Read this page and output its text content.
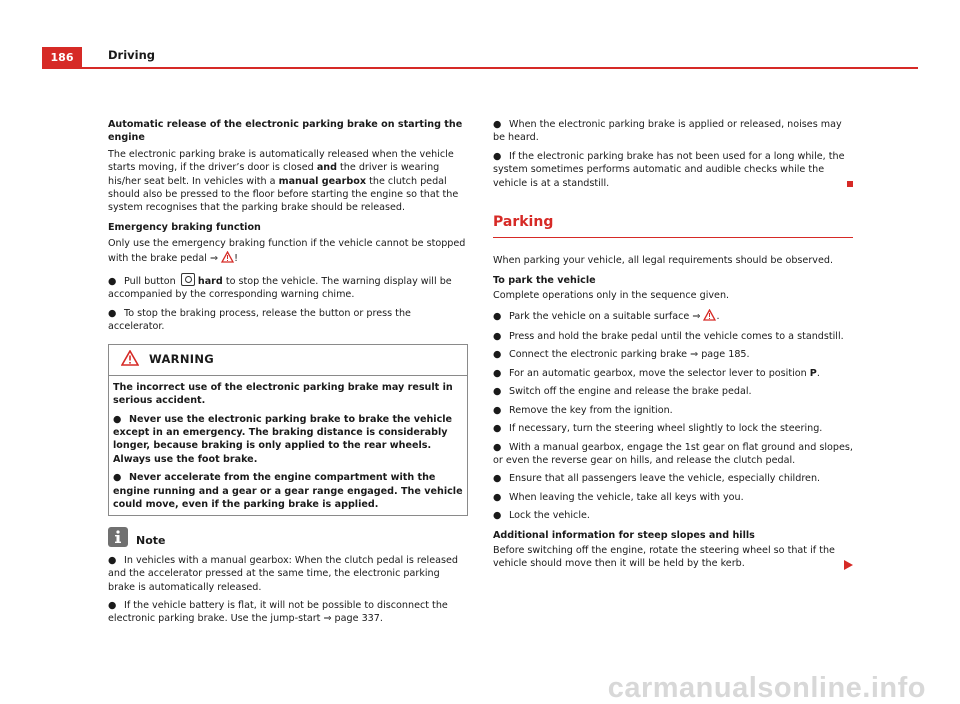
186	Driving

Automatic release of the electronic parking brake on starting the engine

The electronic parking brake is automatically released when the vehicle starts moving, if the driver’s door is closed and the driver is wearing his/her seat belt. In vehicles with a manual gearbox the clutch pedal should also be pressed to the floor before starting the engine so that the system recognises that the parking brake should be released.

Emergency braking function

Only use the emergency braking function if the vehicle cannot be stopped with the brake pedal ⇒ !

● Pull button hard to stop the vehicle. The warning display will be accompanied by the corresponding warning chime.

● To stop the braking process, release the button or press the accelerator.

WARNING

The incorrect use of the electronic parking brake may result in serious accident.

● Never use the electronic parking brake to brake the vehicle except in an emergency. The braking distance is considerably longer, because braking is only applied to the rear wheels. Always use the foot brake.

● Never accelerate from the engine compartment with the engine running and a gear or a gear range engaged. The vehicle could move, even if the parking brake is applied.

Note

● In vehicles with a manual gearbox: When the clutch pedal is released and the accelerator pressed at the same time, the electronic parking brake is automatically released.

● If the vehicle battery is flat, it will not be possible to disconnect the electronic parking brake. Use the jump-start ⇒ page 337.

● When the electronic parking brake is applied or released, noises may be heard.

● If the electronic parking brake has not been used for a long while, the system sometimes performs automatic and audible checks while the vehicle is at a standstill.

Parking

When parking your vehicle, all legal requirements should be observed.

To park the vehicle

Complete operations only in the sequence given.

● Park the vehicle on a suitable surface ⇒ .

● Press and hold the brake pedal until the vehicle comes to a standstill.

● Connect the electronic parking brake ⇒ page 185.

● For an automatic gearbox, move the selector lever to position P.

● Switch off the engine and release the brake pedal.

● Remove the key from the ignition.

● If necessary, turn the steering wheel slightly to lock the steering.

● With a manual gearbox, engage the 1st gear on flat ground and slopes, or even the reverse gear on hills, and release the clutch pedal.

● Ensure that all passengers leave the vehicle, especially children.

● When leaving the vehicle, take all keys with you.

● Lock the vehicle.

Additional information for steep slopes and hills

Before switching off the engine, rotate the steering wheel so that if the vehicle should move then it will be held by the kerb.

carmanualsonline.info
